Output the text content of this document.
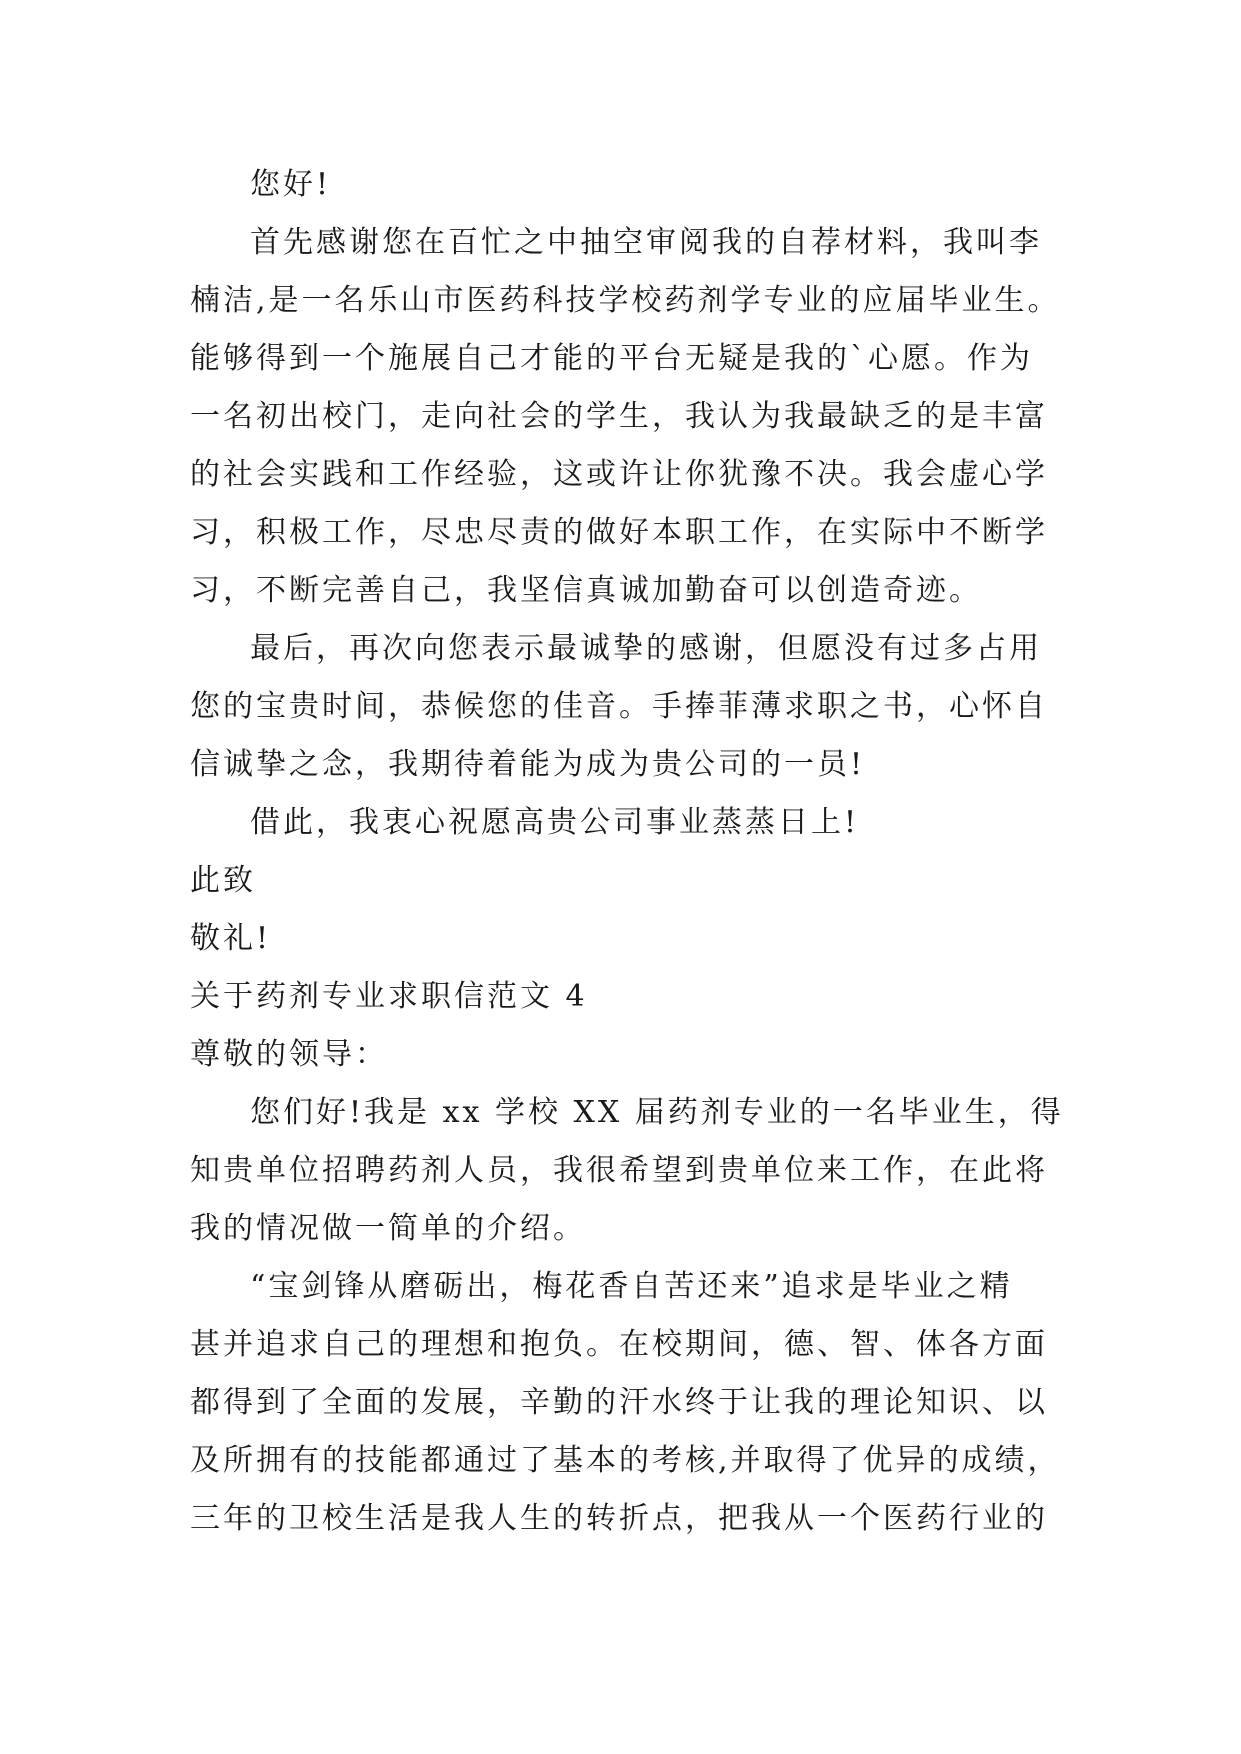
您好!
首先感谢您在百忙之中抽空审阅我的自荐材料，我叫李
楠洁,是一名乐山市医药科技学校药剂学专业的应届毕业生。
能够得到一个施展自己才能的平台无疑是我的`心愿。作为
一名初出校门，走向社会的学生，我认为我最缺乏的是丰富
的社会实践和工作经验，这或许让你犹豫不决。我会虚心学
习，积极工作，尽忠尽责的做好本职工作，在实际中不断学
习，不断完善自己，我坚信真诚加勤奋可以创造奇迹。
最后，再次向您表示最诚挚的感谢，但愿没有过多占用
您的宝贵时间，恭候您的佳音。手捧菲薄求职之书，心怀自
信诚挚之念，我期待着能为成为贵公司的一员!
借此，我衷心祝愿高贵公司事业蒸蒸日上!
此致
敬礼!
关于药剂专业求职信范文 4
尊敬的领导：
您们好!我是 xx 学校 XX 届药剂专业的一名毕业生，得
知贵单位招聘药剂人员，我很希望到贵单位来工作，在此将
我的情况做一简单的介绍。
“宝剑锋从磨砺出，梅花香自苦还来”追求是毕业之精
甚并追求自己的理想和抱负。在校期间，德、智、体各方面
都得到了全面的发展，辛勤的汗水终于让我的理论知识、以
及所拥有的技能都通过了基本的考核,并取得了优异的成绩，
三年的卫校生活是我人生的转折点，把我从一个医药行业的
